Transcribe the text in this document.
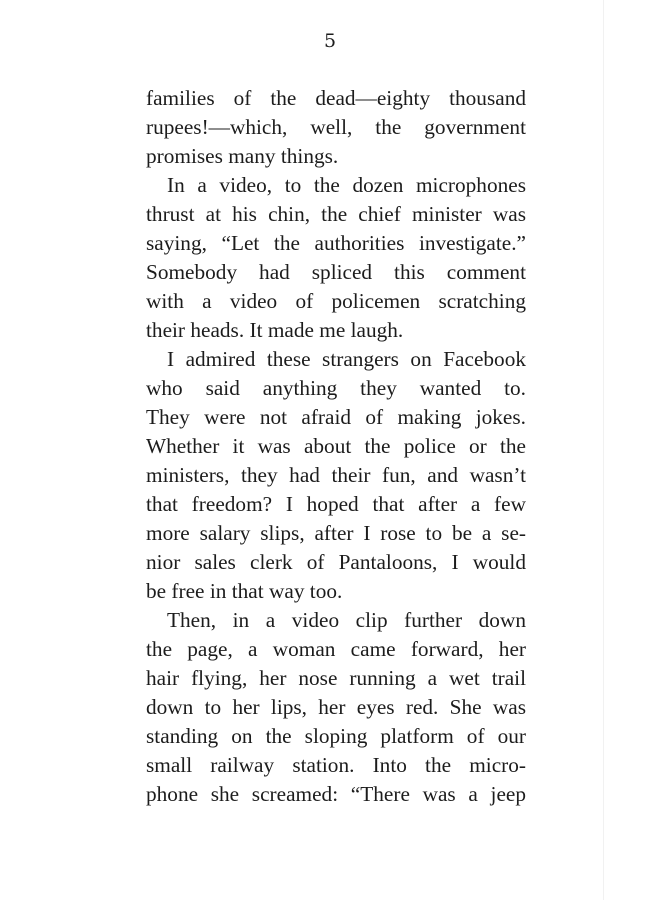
5
families of the dead—eighty thousand
rupees!—which, well, the government
promises many things.
In a video, to the dozen microphones
thrust at his chin, the chief minister was
saying, “Let the authorities investigate.”
Somebody had spliced this comment
with a video of policemen scratching
their heads. It made me laugh.
I admired these strangers on Facebook
who said anything they wanted to.
They were not afraid of making jokes.
Whether it was about the police or the
ministers, they had their fun, and wasn’t
that freedom? I hoped that after a few
more salary slips, after I rose to be a se-
nior sales clerk of Pantaloons, I would
be free in that way too.
Then, in a video clip further down
the page, a woman came forward, her
hair flying, her nose running a wet trail
down to her lips, her eyes red. She was
standing on the sloping platform of our
small railway station. Into the micro-
phone she screamed: “There was a jeep
